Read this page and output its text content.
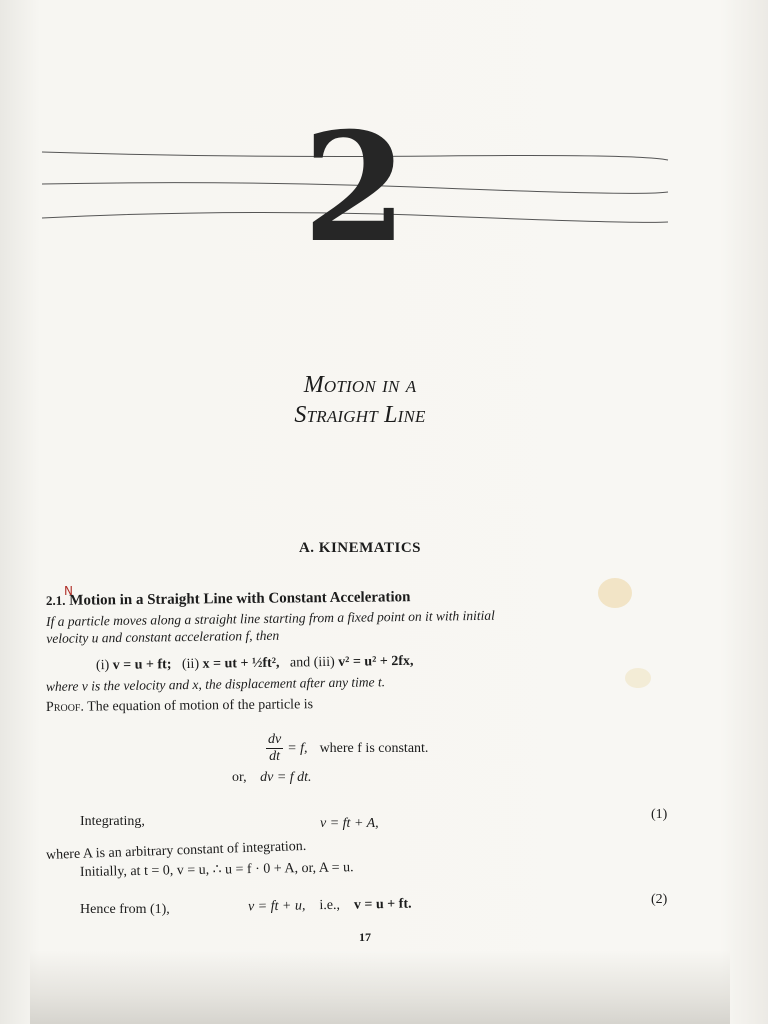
2
Motion in a
Straight Line
A. KINEMATICS
N
2.1. Motion in a Straight Line with Constant Acceleration
If a particle moves along a straight line starting from a fixed point on it with initial
velocity u and constant acceleration f, then
(i) v = u + ft; (ii) x = ut + ½ft², and (iii) v² = u² + 2fx,
where v is the velocity and x, the displacement after any time t.
Proof. The equation of motion of the particle is
$\frac{dv}{dt} = f$, where f is constant.
or, dv = f dt.
Integrating,	v = ft + A,
(1)
where A is an arbitrary constant of integration.
Initially, at t = 0, v = u, ∴ u = f · 0 + A, or, A = u.
Hence from (1),	v = ft + u, i.e., v = u + ft.	(2)
17
